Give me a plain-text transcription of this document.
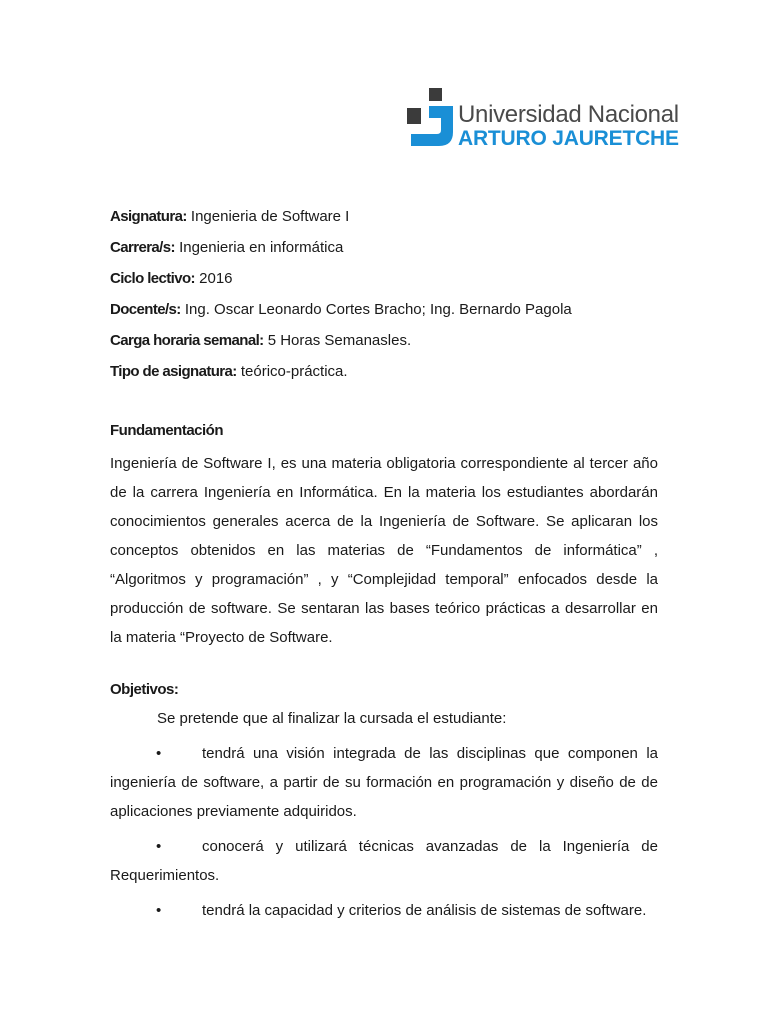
Universidad Nacional
ARTURO JAURETCHE
Asignatura: Ingenieria de Software I
Carrera/s: Ingenieria en informática
Ciclo lectivo: 2016
Docente/s: Ing. Oscar Leonardo Cortes Bracho; Ing. Bernardo Pagola
Carga horaria semanal: 5 Horas Semanasles.
Tipo de asignatura: teórico-práctica.
Fundamentación
Ingeniería de Software I, es una materia obligatoria correspondiente al tercer año de la carrera Ingeniería en Informática. En la materia los estudiantes abordarán conocimientos generales acerca de la Ingeniería de Software. Se aplicaran los conceptos obtenidos en las materias de “Fundamentos de informática” , “Algoritmos y programación” , y “Complejidad temporal” enfocados desde la producción de software. Se sentaran las bases teórico prácticas a desarrollar en la materia “Proyecto de Software.
Objetivos:
Se pretende que al finalizar la cursada el estudiante:
•	tendrá una visión integrada de las disciplinas que componen la ingeniería de software, a partir de su formación en programación y diseño de de aplicaciones previamente adquiridos.
•	conocerá y utilizará técnicas avanzadas de la Ingeniería de Requerimientos.
•	tendrá la capacidad y criterios de análisis de sistemas de software.
